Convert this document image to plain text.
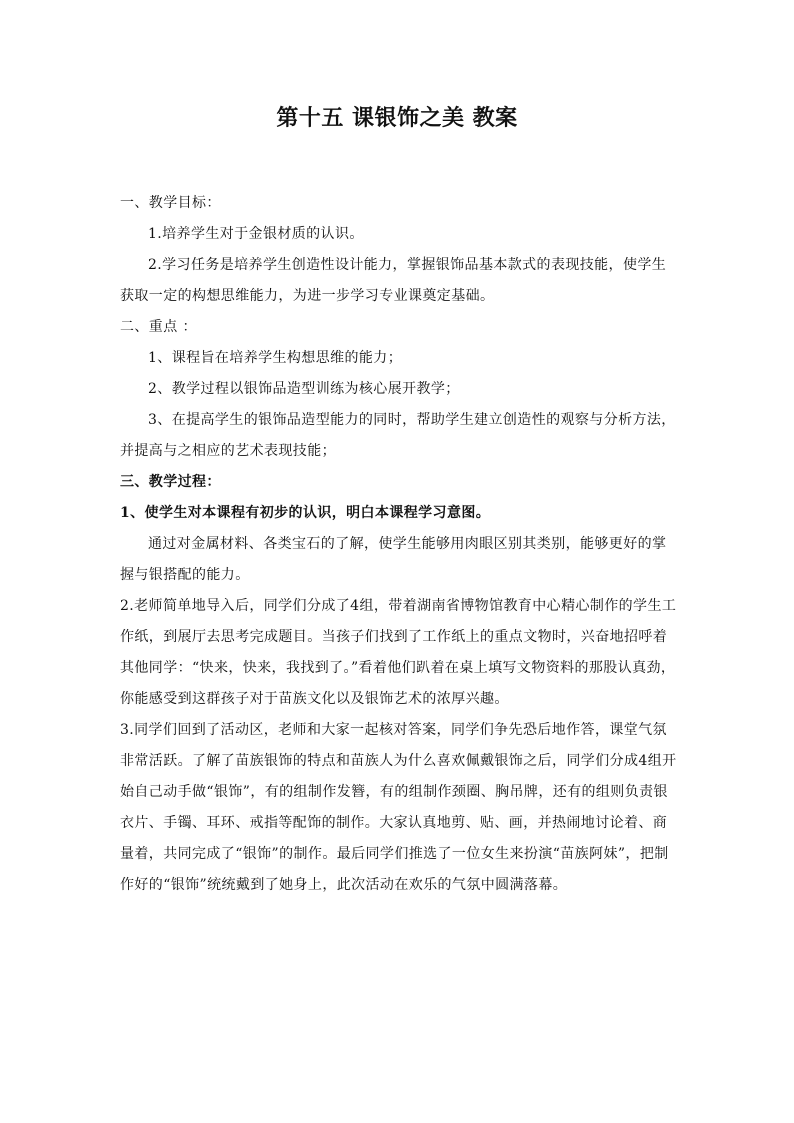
第十五 课银饰之美 教案

一、教学目标：

1.培养学生对于金银材质的认识。

2.学习任务是培养学生创造性设计能力，掌握银饰品基本款式的表现技能，使学生获取一定的构想思维能力，为进一步学习专业课奠定基础。

二、重点 ：

1、课程旨在培养学生构想思维的能力；

2、教学过程以银饰品造型训练为核心展开教学；

3、在提高学生的银饰品造型能力的同时，帮助学生建立创造性的观察与分析方法，并提高与之相应的艺术表现技能；

三、教学过程：

1、使学生对本课程有初步的认识，明白本课程学习意图。

通过对金属材料、各类宝石的了解，使学生能够用肉眼区别其类别，能够更好的掌握与银搭配的能力。

2.老师简单地导入后，同学们分成了4组，带着湖南省博物馆教育中心精心制作的学生工作纸，到展厅去思考完成题目。当孩子们找到了工作纸上的重点文物时，兴奋地招呼着其他同学：“快来，快来，我找到了。”看着他们趴着在桌上填写文物资料的那股认真劲，你能感受到这群孩子对于苗族文化以及银饰艺术的浓厚兴趣。

3.同学们回到了活动区，老师和大家一起核对答案，同学们争先恐后地作答，课堂气氛非常活跃。了解了苗族银饰的特点和苗族人为什么喜欢佩戴银饰之后，同学们分成4组开始自己动手做“银饰”，有的组制作发簪，有的组制作颈圈、胸吊牌，还有的组则负责银衣片、手镯、耳环、戒指等配饰的制作。大家认真地剪、贴、画，并热闹地讨论着、商量着，共同完成了“银饰”的制作。最后同学们推选了一位女生来扮演“苗族阿妹”，把制作好的“银饰”统统戴到了她身上，此次活动在欢乐的气氛中圆满落幕。
